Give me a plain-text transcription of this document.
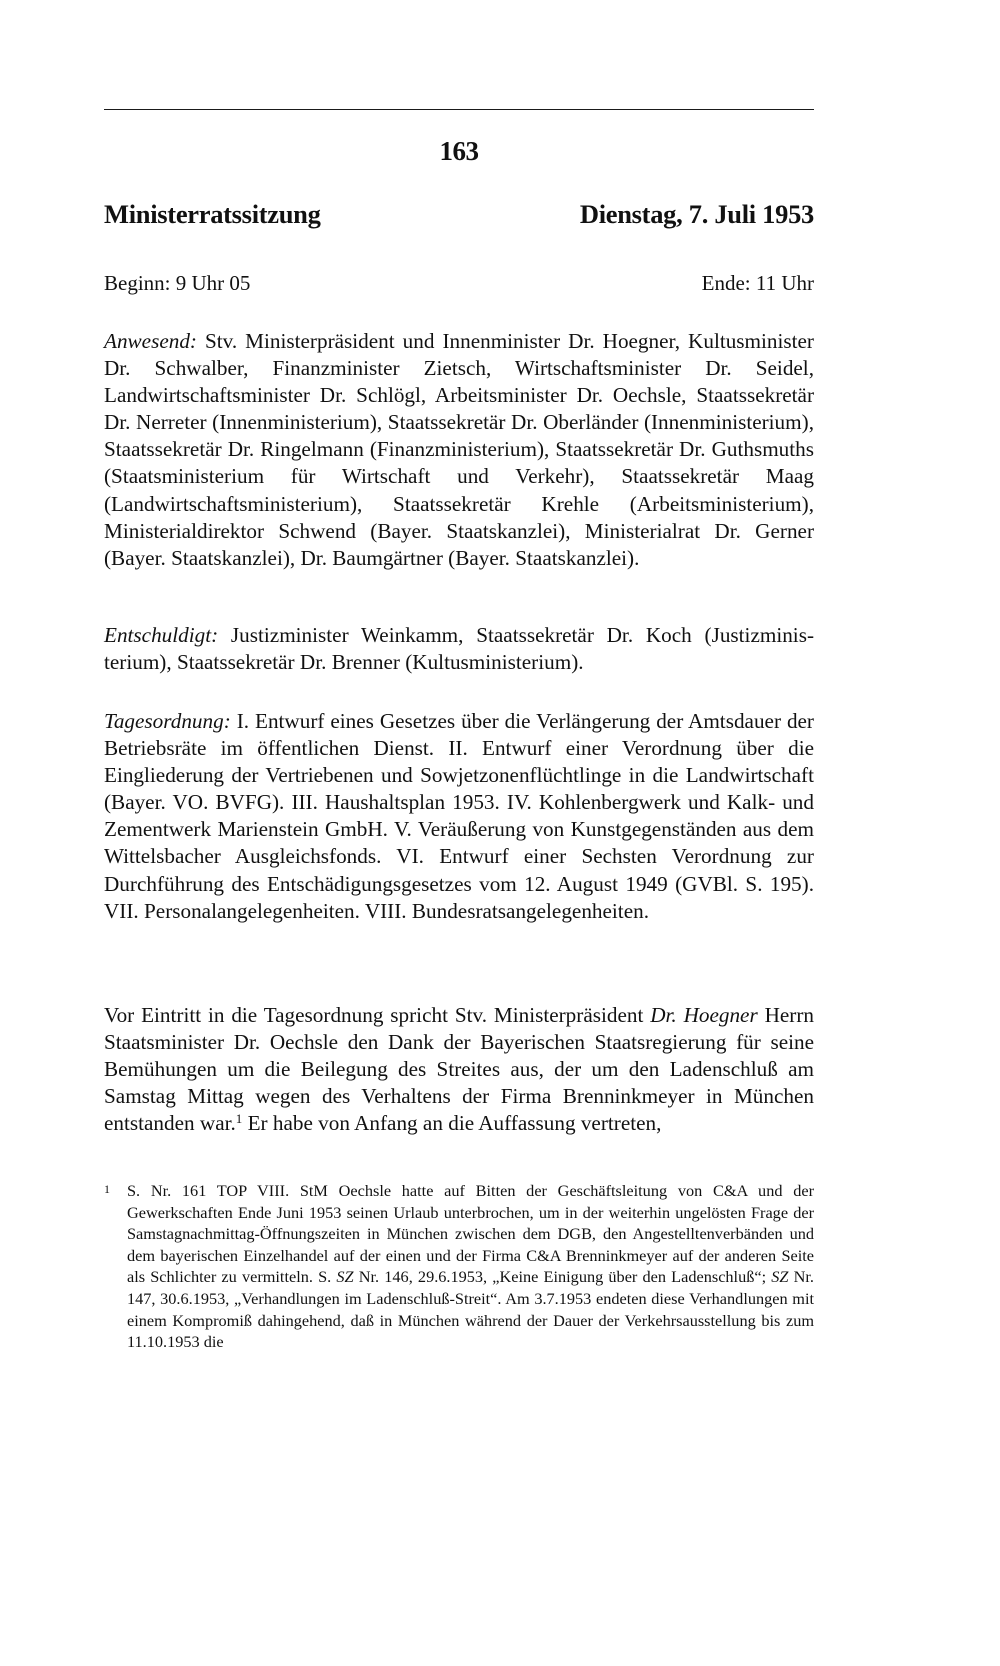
163
Ministerratssitzung	Dienstag, 7. Juli 1953
Beginn: 9 Uhr 05	Ende: 11 Uhr

Anwesend: Stv. Ministerpräsident und Innenminister Dr. Hoegner, Kultusminister Dr. Schwalber, Finanzminister Zietsch, Wirtschaftsminister Dr. Seidel, Landwirtschaftsminister Dr. Schlögl, Arbeitsminister Dr. Oechsle, Staatssekretär Dr. Nerreter (Innenministerium), Staatssekretär Dr. Oberländer (Innenministerium), Staatssekretär Dr. Ringelmann (Finanzministerium), Staatssekretär Dr. Guthsmuths (Staatsministerium für Wirtschaft und Verkehr), Staatssekretär Maag (Landwirtschaftsministerium), Staatssekretär Krehle (Arbeitsministerium), Ministerialdirektor Schwend (Bayer. Staatskanzlei), Ministerialrat Dr. Gerner (Bayer. Staatskanzlei), Dr. Baumgärtner (Bayer. Staatskanzlei).

Entschuldigt: Justizminister Weinkamm, Staatssekretär Dr. Koch (Justizministerium), Staatssekretär Dr. Brenner (Kultusministerium).

Tagesordnung: I. Entwurf eines Gesetzes über die Verlängerung der Amtsdauer der Betriebsräte im öffentlichen Dienst. II. Entwurf einer Verordnung über die Eingliederung der Vertriebenen und Sowjetzonenflüchtlinge in die Landwirtschaft (Bayer. VO. BVFG). III. Haushaltsplan 1953. IV. Kohlenbergwerk und Kalk- und Zementwerk Marienstein GmbH. V. Veräußerung von Kunstgegenständen aus dem Wittelsbacher Ausgleichsfonds. VI. Entwurf einer Sechsten Verordnung zur Durchführung des Entschädigungsgesetzes vom 12. August 1949 (GVBl. S. 195). VII. Personalangelegenheiten. VIII. Bundesratsangelegenheiten.

Vor Eintritt in die Tagesordnung spricht Stv. Ministerpräsident Dr. Hoegner Herrn Staatsminister Dr. Oechsle den Dank der Bayerischen Staatsregierung für seine Bemühungen um die Beilegung des Streites aus, der um den Ladenschluß am Samstag Mittag wegen des Verhaltens der Firma Brenninkmeyer in München entstanden war.$^1$ Er habe von Anfang an die Auffassung vertreten,

1	S. Nr. 161 TOP VIII. StM Oechsle hatte auf Bitten der Geschäftsleitung von C&A und der Gewerkschaften Ende Juni 1953 seinen Urlaub unterbrochen, um in der weiterhin ungelösten Frage der Samstagnachmittag-Öffnungszeiten in München zwischen dem DGB, den Angestelltenverbänden und dem bayerischen Einzelhandel auf der einen und der Firma C&A Brenninkmeyer auf der anderen Seite als Schlichter zu vermitteln. S. SZ Nr. 146, 29.6.1953, „Keine Einigung über den Ladenschluß“; SZ Nr. 147, 30.6.1953, „Verhandlungen im Ladenschluß-Streit“. Am 3.7.1953 endeten diese Verhandlungen mit einem Kompromiß dahingehend, daß in München während der Dauer der Verkehrsausstellung bis zum 11.10.1953 die
